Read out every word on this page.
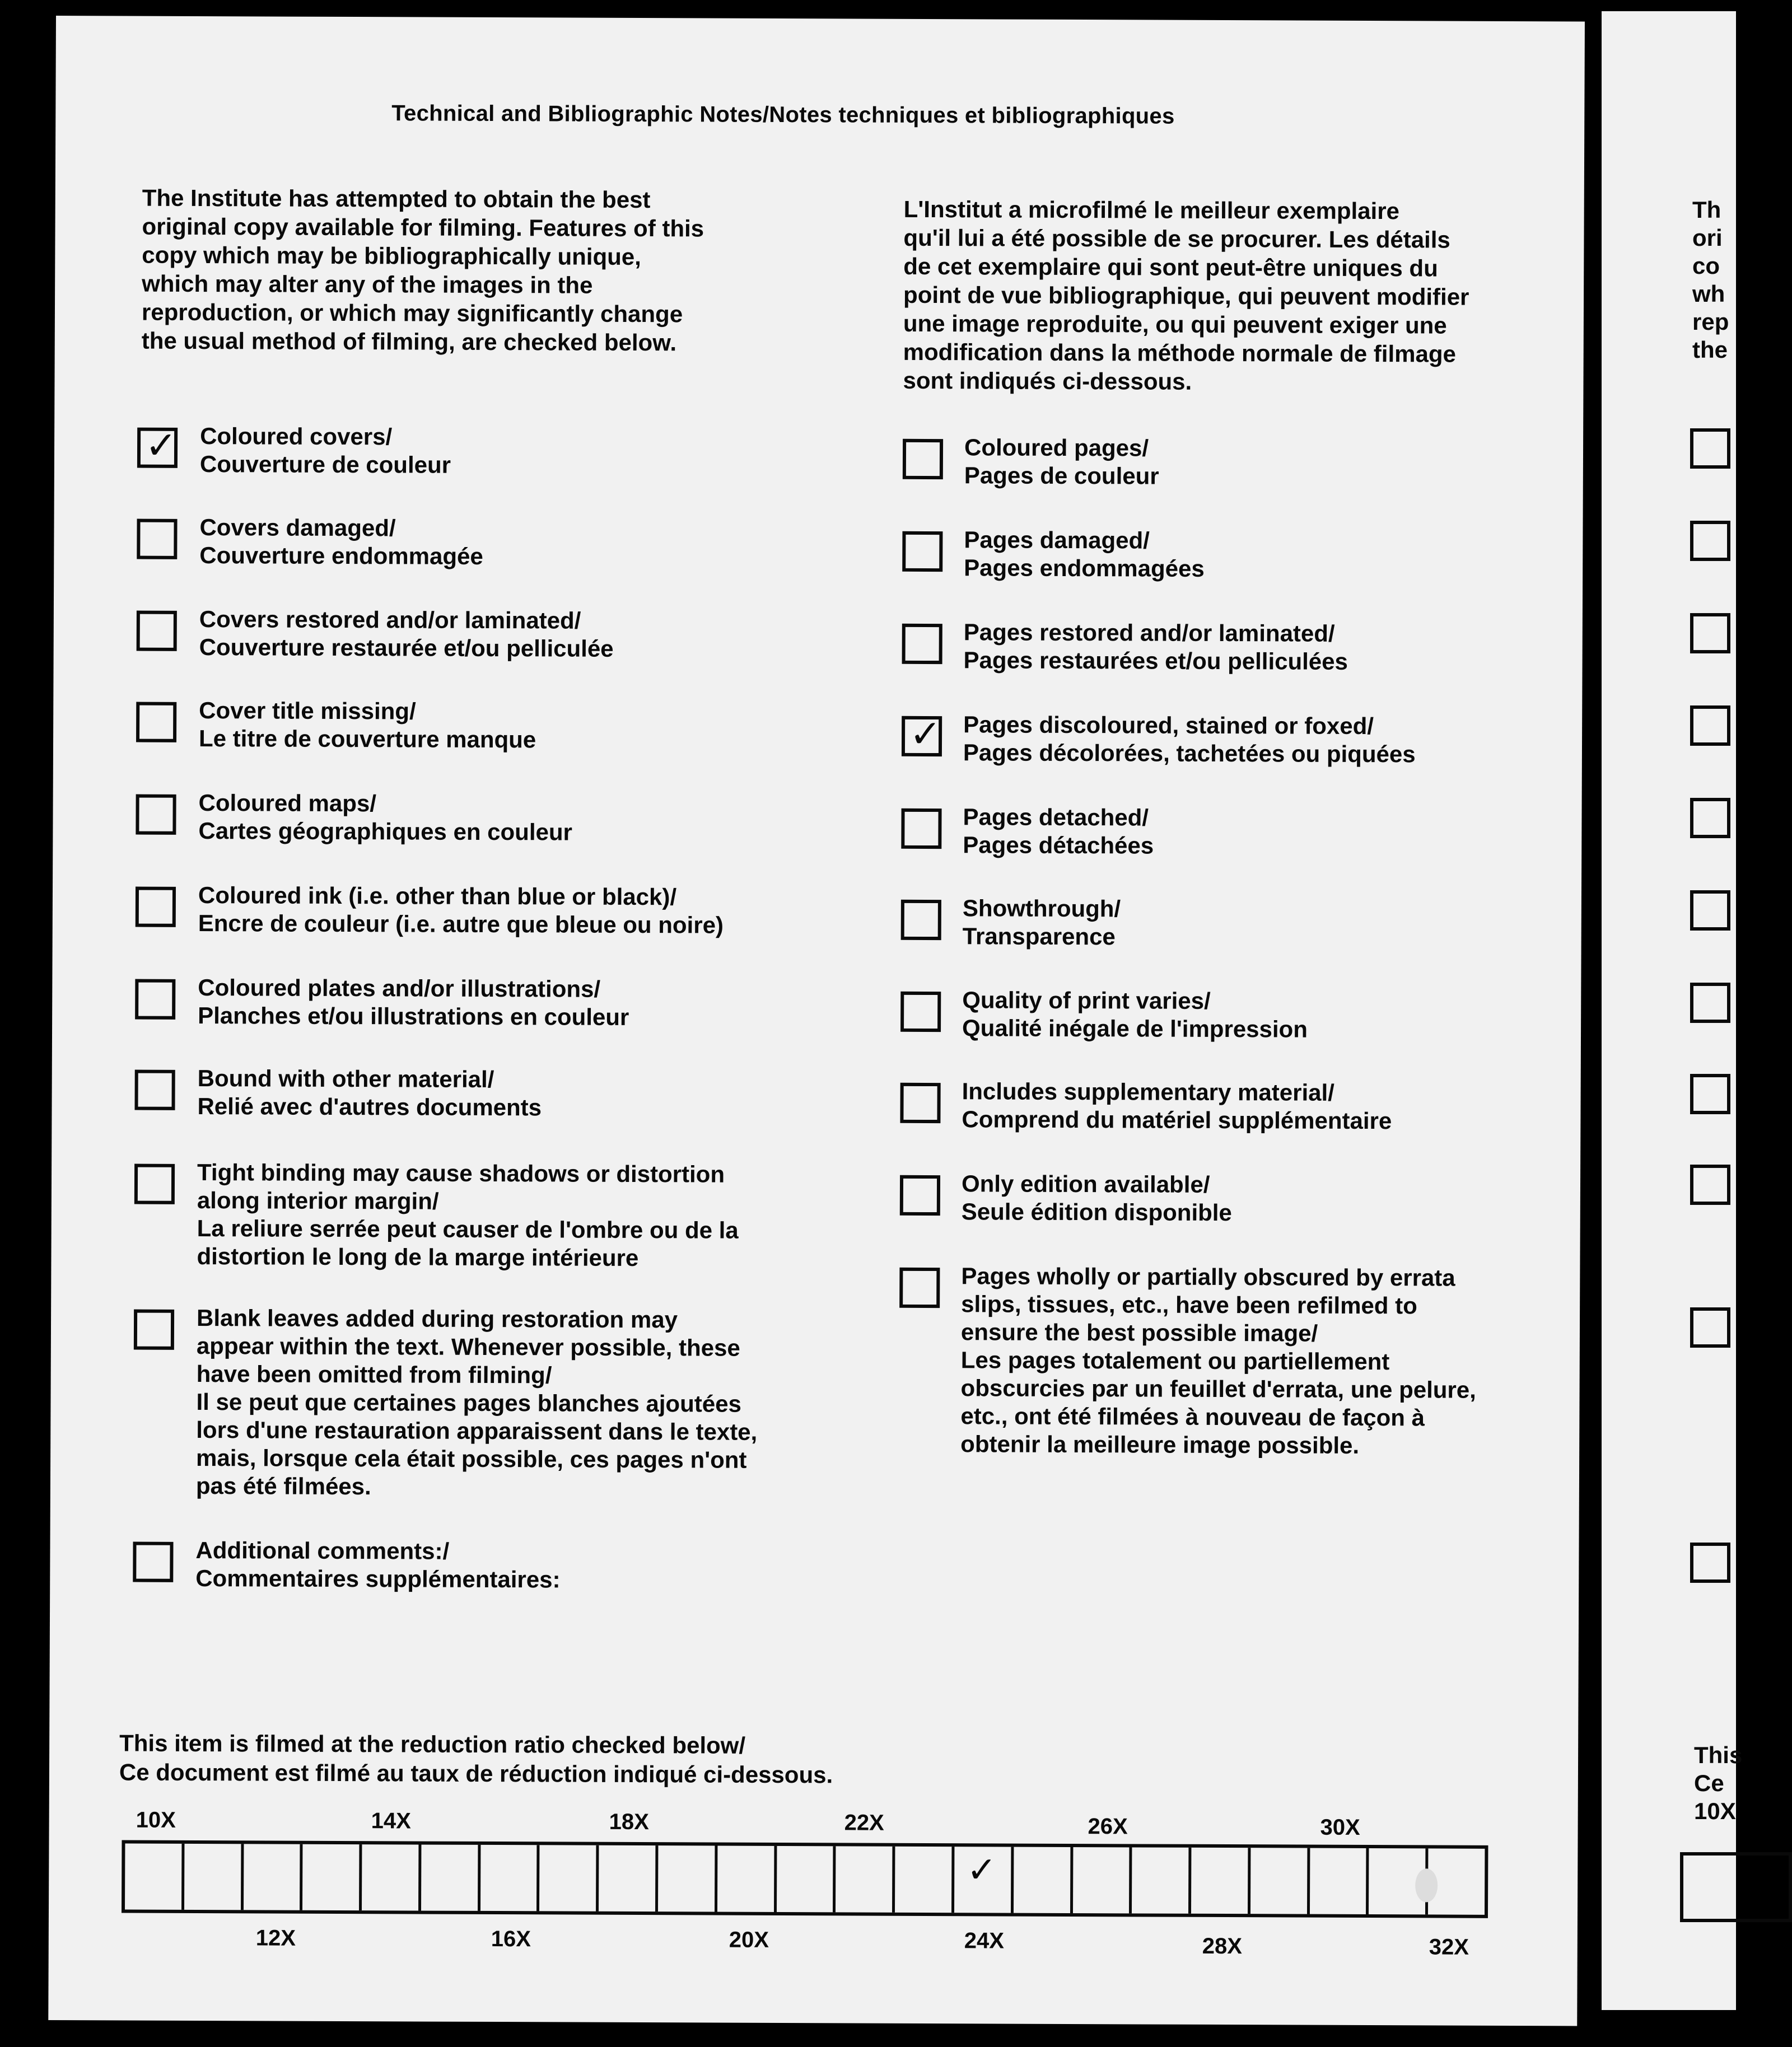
Technical and Bibliographic Notes/Notes techniques et bibliographiques

The Institute has attempted to obtain the best

original copy available for filming. Features of this

copy which may be bibliographically unique,

which may alter any of the images in the

reproduction, or which may significantly change

the usual method of filming, are checked below.

L'Institut a microfilmé le meilleur exemplaire

qu'il lui a été possible de se procurer. Les détails

de cet exemplaire qui sont peut-être uniques du

point de vue bibliographique, qui peuvent modifier

une image reproduite, ou qui peuvent exiger une

modification dans la méthode normale de filmage

sont indiqués ci-dessous.

✓ Coloured covers/

Couverture de couleur

Covers damaged/

Couverture endommagée

Covers restored and/or laminated/

Couverture restaurée et/ou pelliculée

Cover title missing/

Le titre de couverture manque

Coloured maps/

Cartes géographiques en couleur

Coloured ink (i.e. other than blue or black)/

Encre de couleur (i.e. autre que bleue ou noire)

Coloured plates and/or illustrations/

Planches et/ou illustrations en couleur

Bound with other material/

Relié avec d'autres documents

Tight binding may cause shadows or distortion

along interior margin/

La reliure serrée peut causer de l'ombre ou de la

distortion le long de la marge intérieure

Blank leaves added during restoration may

appear within the text. Whenever possible, these

have been omitted from filming/

Il se peut que certaines pages blanches ajoutées

lors d'une restauration apparaissent dans le texte,

mais, lorsque cela était possible, ces pages n'ont

pas été filmées.

Additional comments:/

Commentaires supplémentaires:

Coloured pages/

Pages de couleur

Pages damaged/

Pages endommagées

Pages restored and/or laminated/

Pages restaurées et/ou pelliculées

✓ Pages discoloured, stained or foxed/

Pages décolorées, tachetées ou piquées

Pages detached/

Pages détachées

Showthrough/

Transparence

Quality of print varies/

Qualité inégale de l'impression

Includes supplementary material/

Comprend du matériel supplémentaire

Only edition available/

Seule édition disponible

Pages wholly or partially obscured by errata

slips, tissues, etc., have been refilmed to

ensure the best possible image/

Les pages totalement ou partiellement

obscurcies par un feuillet d'errata, une pelure,

etc., ont été filmées à nouveau de façon à

obtenir la meilleure image possible.

This item is filmed at the reduction ratio checked below/

Ce document est filmé au taux de réduction indiqué ci-dessous.

10X	14X	18X	22X	26X	30X

✓

12X	16X	20X	24X	28X	32X

Th

ori

co

wh

rep

the

This

Ce

10X
